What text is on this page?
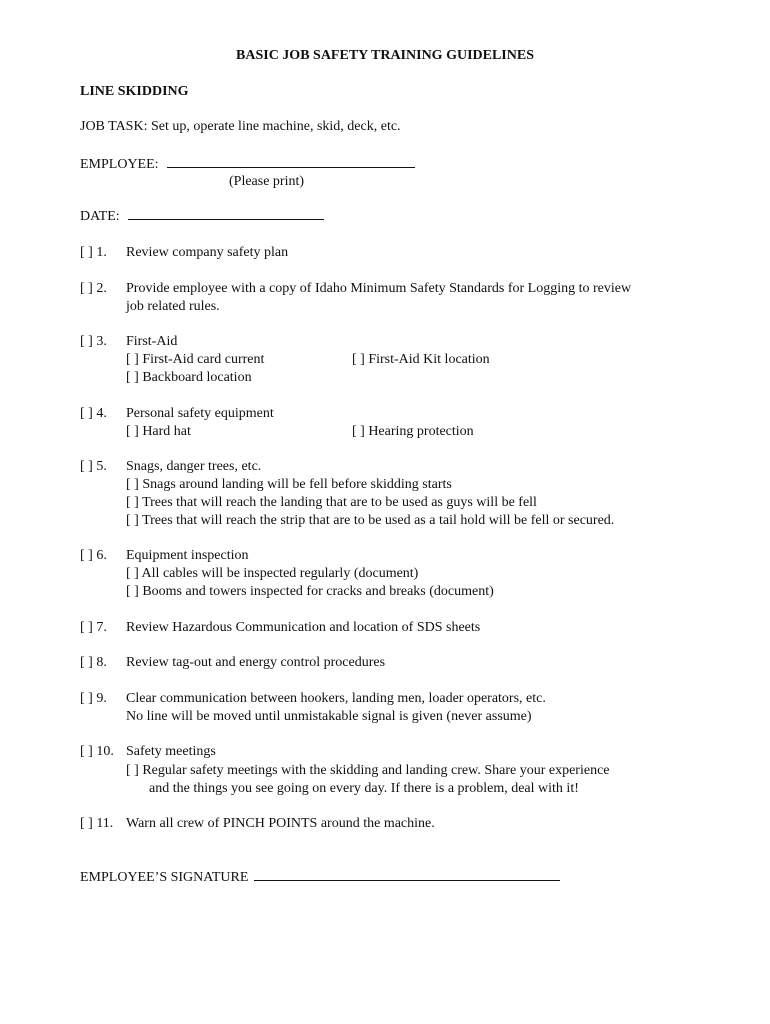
BASIC JOB SAFETY TRAINING GUIDELINES
LINE SKIDDING
JOB TASK: Set up, operate line machine, skid, deck, etc.
EMPLOYEE:
(Please print)
DATE:
[ ] 1. Review company safety plan
[ ] 2. Provide employee with a copy of Idaho Minimum Safety Standards for Logging to review
job related rules.
[ ] 3. First-Aid
[ ] First-Aid card current	[ ] First-Aid Kit location
[ ] Backboard location
[ ] 4. Personal safety equipment
[ ] Hard hat	[ ] Hearing protection
[ ] 5. Snags, danger trees, etc.
[ ] Snags around landing will be fell before skidding starts
[ ] Trees that will reach the landing that are to be used as guys will be fell
[ ] Trees that will reach the strip that are to be used as a tail hold will be fell or secured.
[ ] 6. Equipment inspection
[ ] All cables will be inspected regularly (document)
[ ] Booms and towers inspected for cracks and breaks (document)
[ ] 7. Review Hazardous Communication and location of SDS sheets
[ ] 8. Review tag-out and energy control procedures
[ ] 9. Clear communication between hookers, landing men, loader operators, etc.
No line will be moved until unmistakable signal is given (never assume)
[ ] 10. Safety meetings
[ ] Regular safety meetings with the skidding and landing crew. Share your experience
and the things you see going on every day. If there is a problem, deal with it!
[ ] 11. Warn all crew of PINCH POINTS around the machine.
EMPLOYEE’S SIGNATURE
